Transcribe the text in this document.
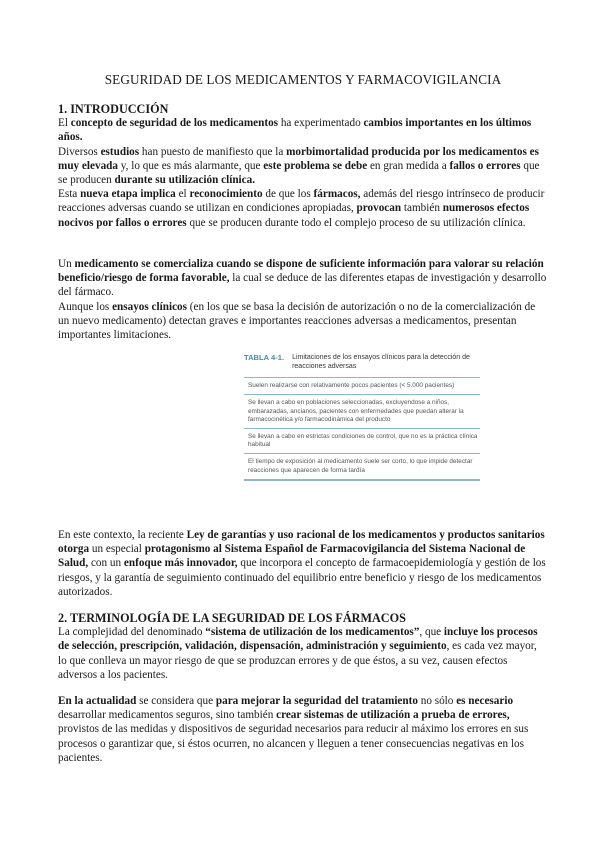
SEGURIDAD DE LOS MEDICAMENTOS Y FARMACOVIGILANCIA

1. INTRODUCCIÓN

El concepto de seguridad de los medicamentos ha experimentado cambios importantes en los últimos años.

Diversos estudios han puesto de manifiesto que la morbimortalidad producida por los medicamentos es muy elevada y, lo que es más alarmante, que este problema se debe en gran medida a fallos o errores que se producen durante su utilización clínica.

Esta nueva etapa implica el reconocimiento de que los fármacos, además del riesgo intrínseco de producir reacciones adversas cuando se utilizan en condiciones apropiadas, provocan también numerosos efectos nocivos por fallos o errores que se producen durante todo el complejo proceso de su utilización clínica.

Un medicamento se comercializa cuando se dispone de suficiente información para valorar su relación beneficio/riesgo de forma favorable, la cual se deduce de las diferentes etapas de investigación y desarrollo del fármaco.

Aunque los ensayos clínicos (en los que se basa la decisión de autorización o no de la comercialización de un nuevo medicamento) detectan graves e importantes reacciones adversas a medicamentos, presentan importantes limitaciones.

TABLA 4-1. Limitaciones de los ensayos clínicos para la detección de reacciones adversas
Suelen realizarse con relativamente pocos pacientes (< 5.000 pacientes)
Se llevan a cabo en poblaciones seleccionadas, excluyendose a niños, embarazadas, ancianos, pacientes con enfermedades que puedan alterar la farmacocinética y/o farmacodinámica del producto
Se llevan a cabo en estrictas condiciones de control, que no es la práctica clínica habitual
El tiempo de exposición al medicamento suele ser corto, lo que impide detectar reacciones que aparecen de forma tardía

En este contexto, la reciente Ley de garantías y uso racional de los medicamentos y productos sanitarios otorga un especial protagonismo al Sistema Español de Farmacovigilancia del Sistema Nacional de Salud, con un enfoque más innovador, que incorpora el concepto de farmacoepidemiología y gestión de los riesgos, y la garantía de seguimiento continuado del equilibrio entre beneficio y riesgo de los medicamentos autorizados.

2. TERMINOLOGÍA DE LA SEGURIDAD DE LOS FÁRMACOS

La complejidad del denominado “sistema de utilización de los medicamentos”, que incluye los procesos de selección, prescripción, validación, dispensación, administración y seguimiento, es cada vez mayor, lo que conlleva un mayor riesgo de que se produzcan errores y de que éstos, a su vez, causen efectos adversos a los pacientes.

En la actualidad se considera que para mejorar la seguridad del tratamiento no sólo es necesario desarrollar medicamentos seguros, sino también crear sistemas de utilización a prueba de errores, provistos de las medidas y dispositivos de seguridad necesarios para reducir al máximo los errores en sus procesos o garantizar que, si éstos ocurren, no alcancen y lleguen a tener consecuencias negativas en los pacientes.
